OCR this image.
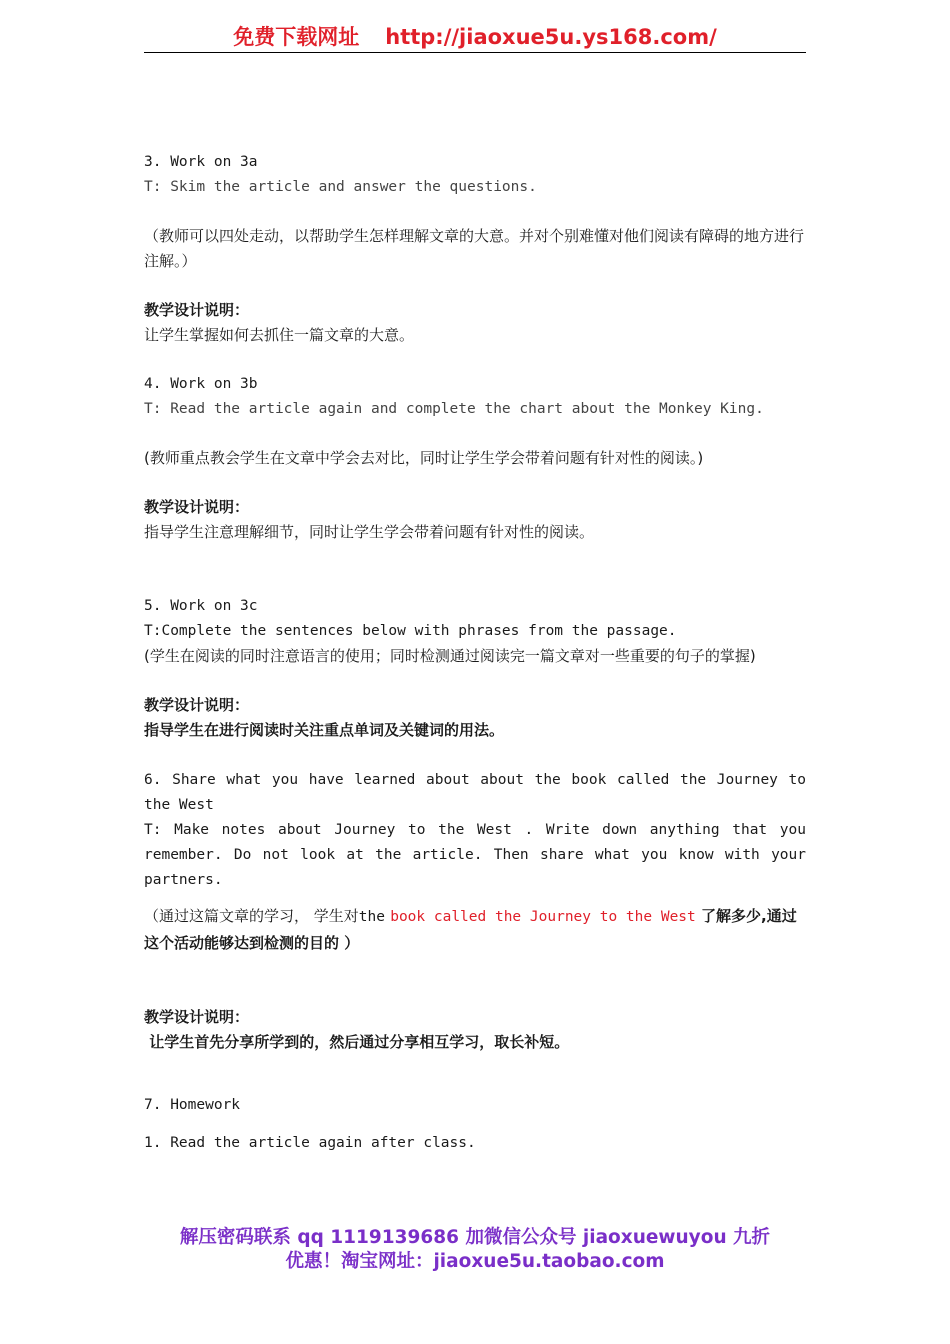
免费下载网址 http://jiaoxue5u.ys168.com/

3. Work on 3a

T: Skim the article and answer the questions.

（教师可以四处走动，以帮助学生怎样理解文章的大意。并对个别难懂对他们阅读有障碍的地方进行注解。）

教学设计说明：

让学生掌握如何去抓住一篇文章的大意。

4. Work on 3b

T: Read the article again and complete the chart about the Monkey King.

(教师重点教会学生在文章中学会去对比，同时让学生学会带着问题有针对性的阅读。)

教学设计说明：

指导学生注意理解细节，同时让学生学会带着问题有针对性的阅读。

5. Work on 3c

T:Complete the sentences below with phrases from the passage.

(学生在阅读的同时注意语言的使用；同时检测通过阅读完一篇文章对一些重要的句子的掌握)

教学设计说明：

指导学生在进行阅读时关注重点单词及关键词的用法。

6. Share what you have learned about about the book called the Journey to the West

T: Make notes about Journey to the West . Write down anything that you remember. Do not look at the article. Then share what you know with your partners.

（通过这篇文章的学习， 学生对the book called the Journey to the West 了解多少,通过这个活动能够达到检测的目的 ）

教学设计说明：

让学生首先分享所学到的，然后通过分享相互学习，取长补短。

7. Homework

1. Read the article again after class.

解压密码联系 qq 1119139686 加微信公众号 jiaoxuewuyou 九折
优惠！淘宝网址：jiaoxue5u.taobao.com
